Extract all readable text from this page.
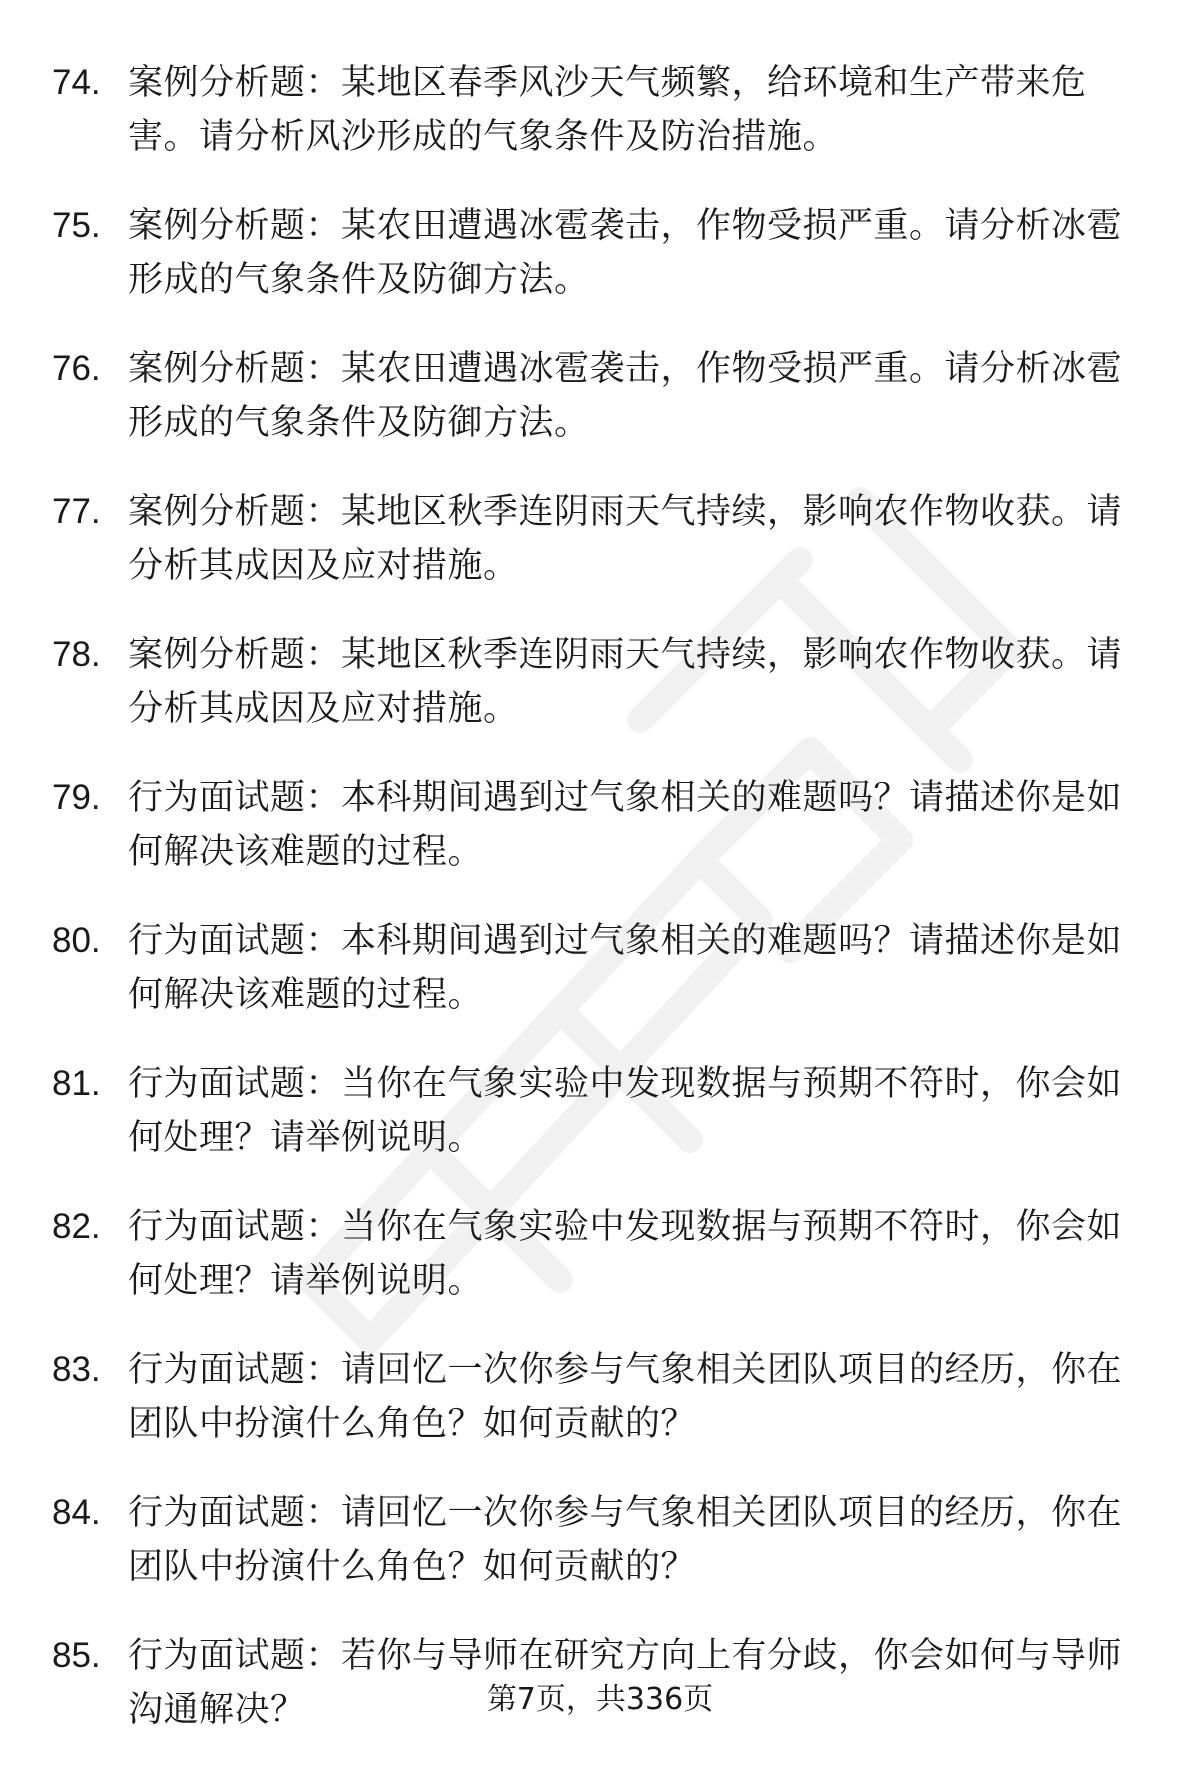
74. 案例分析题：某地区春季风沙天气频繁，给环境和生产带来危害。请分析风沙形成的气象条件及防治措施。
75. 案例分析题：某农田遭遇冰雹袭击，作物受损严重。请分析冰雹形成的气象条件及防御方法。
76. 案例分析题：某农田遭遇冰雹袭击，作物受损严重。请分析冰雹形成的气象条件及防御方法。
77. 案例分析题：某地区秋季连阴雨天气持续，影响农作物收获。请分析其成因及应对措施。
78. 案例分析题：某地区秋季连阴雨天气持续，影响农作物收获。请分析其成因及应对措施。
79. 行为面试题：本科期间遇到过气象相关的难题吗？请描述你是如何解决该难题的过程。
80. 行为面试题：本科期间遇到过气象相关的难题吗？请描述你是如何解决该难题的过程。
81. 行为面试题：当你在气象实验中发现数据与预期不符时，你会如何处理？请举例说明。
82. 行为面试题：当你在气象实验中发现数据与预期不符时，你会如何处理？请举例说明。
83. 行为面试题：请回忆一次你参与气象相关团队项目的经历，你在团队中扮演什么角色？如何贡献的？
84. 行为面试题：请回忆一次你参与气象相关团队项目的经历，你在团队中扮演什么角色？如何贡献的？
85. 行为面试题：若你与导师在研究方向上有分歧，你会如何与导师沟通解决？	第7页，共336页
